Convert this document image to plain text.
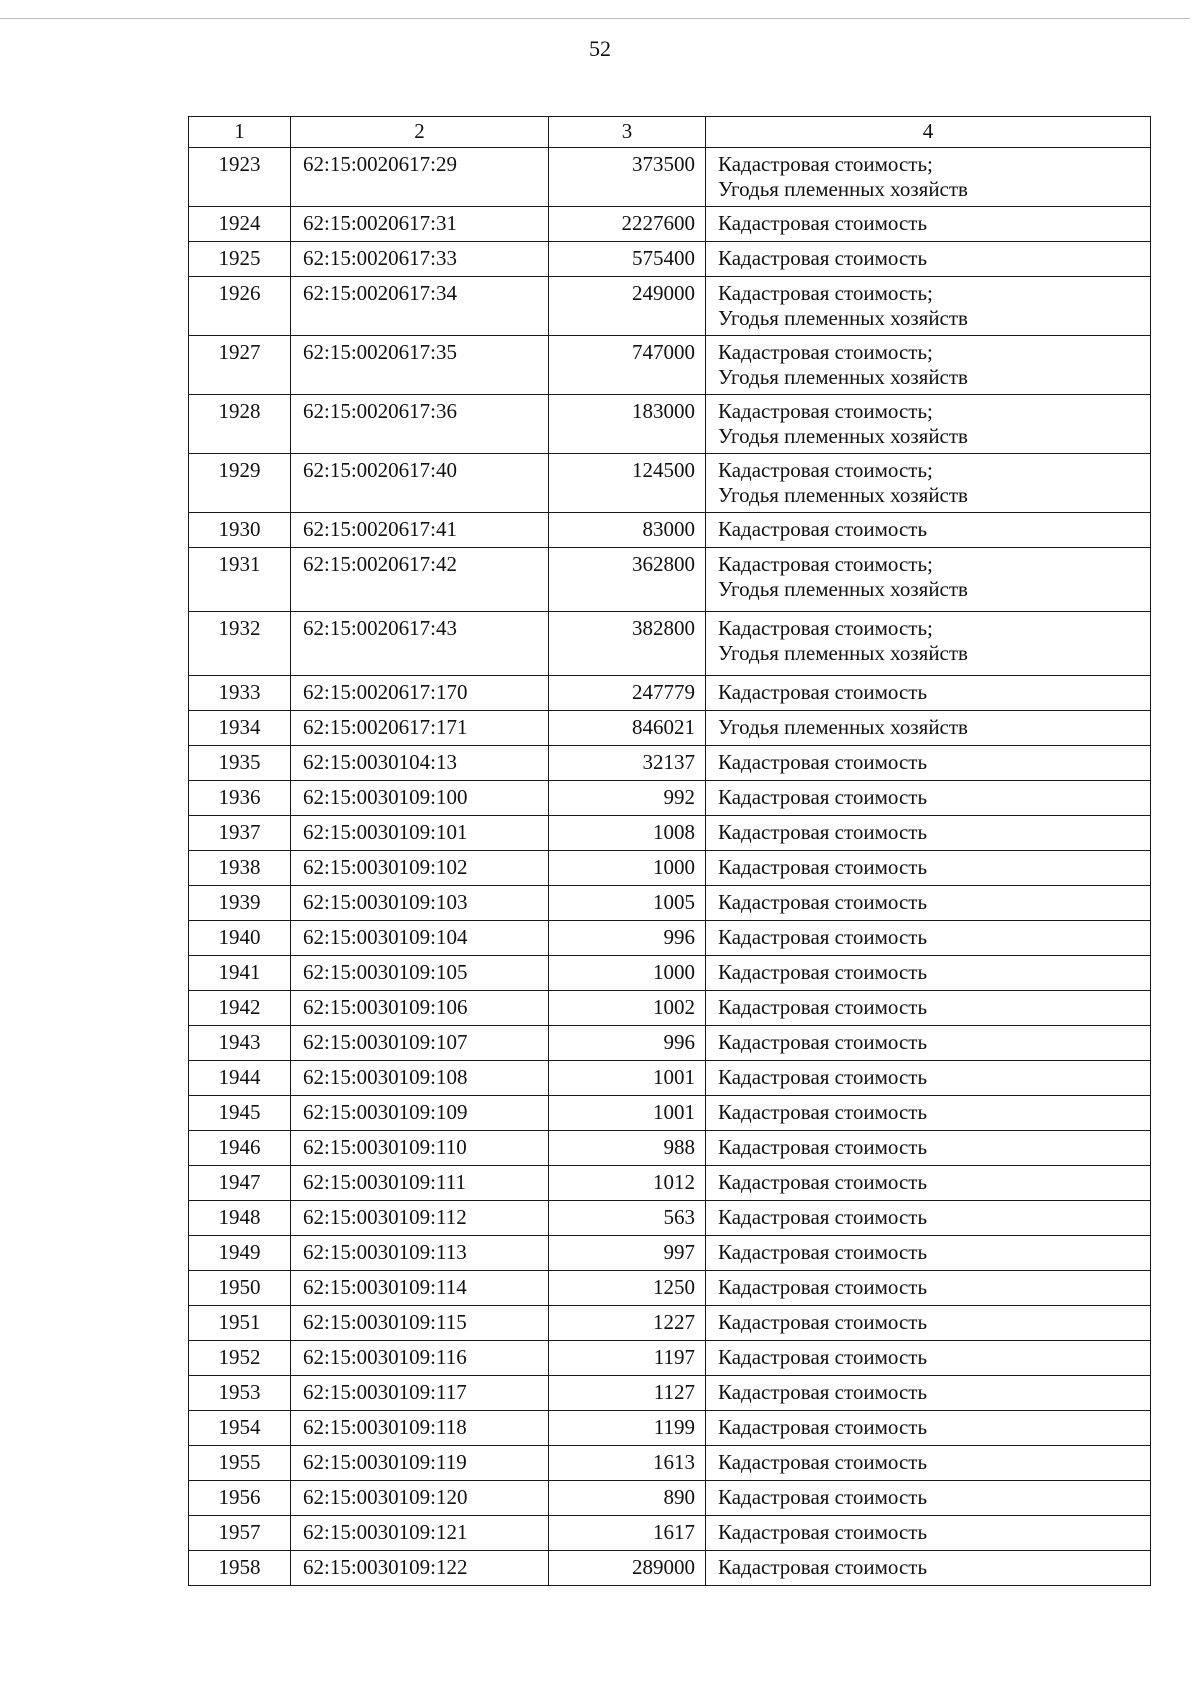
52
1	2	3	4
1923	62:15:0020617:29	373500	Кадастровая стоимость;
Угодья племенных хозяйств

1924	62:15:0020617:31	2227600	Кадастровая стоимость

1925	62:15:0020617:33	575400	Кадастровая стоимость

1926	62:15:0020617:34	249000	Кадастровая стоимость;
Угодья племенных хозяйств

1927	62:15:0020617:35	747000	Кадастровая стоимость;
Угодья племенных хозяйств

1928	62:15:0020617:36	183000	Кадастровая стоимость;
Угодья племенных хозяйств

1929	62:15:0020617:40	124500	Кадастровая стоимость;
Угодья племенных хозяйств

1930	62:15:0020617:41	83000	Кадастровая стоимость

1931	62:15:0020617:42	362800	Кадастровая стоимость;
Угодья племенных хозяйств

1932	62:15:0020617:43	382800	Кадастровая стоимость;
Угодья племенных хозяйств

1933	62:15:0020617:170	247779	Кадастровая стоимость

1934	62:15:0020617:171	846021	Угодья племенных хозяйств

1935	62:15:0030104:13	32137	Кадастровая стоимость

1936	62:15:0030109:100	992	Кадастровая стоимость

1937	62:15:0030109:101	1008	Кадастровая стоимость

1938	62:15:0030109:102	1000	Кадастровая стоимость

1939	62:15:0030109:103	1005	Кадастровая стоимость

1940	62:15:0030109:104	996	Кадастровая стоимость

1941	62:15:0030109:105	1000	Кадастровая стоимость

1942	62:15:0030109:106	1002	Кадастровая стоимость

1943	62:15:0030109:107	996	Кадастровая стоимость

1944	62:15:0030109:108	1001	Кадастровая стоимость

1945	62:15:0030109:109	1001	Кадастровая стоимость

1946	62:15:0030109:110	988	Кадастровая стоимость

1947	62:15:0030109:111	1012	Кадастровая стоимость

1948	62:15:0030109:112	563	Кадастровая стоимость

1949	62:15:0030109:113	997	Кадастровая стоимость

1950	62:15:0030109:114	1250	Кадастровая стоимость

1951	62:15:0030109:115	1227	Кадастровая стоимость

1952	62:15:0030109:116	1197	Кадастровая стоимость

1953	62:15:0030109:117	1127	Кадастровая стоимость

1954	62:15:0030109:118	1199	Кадастровая стоимость

1955	62:15:0030109:119	1613	Кадастровая стоимость

1956	62:15:0030109:120	890	Кадастровая стоимость

1957	62:15:0030109:121	1617	Кадастровая стоимость

1958	62:15:0030109:122	289000	Кадастровая стоимость
